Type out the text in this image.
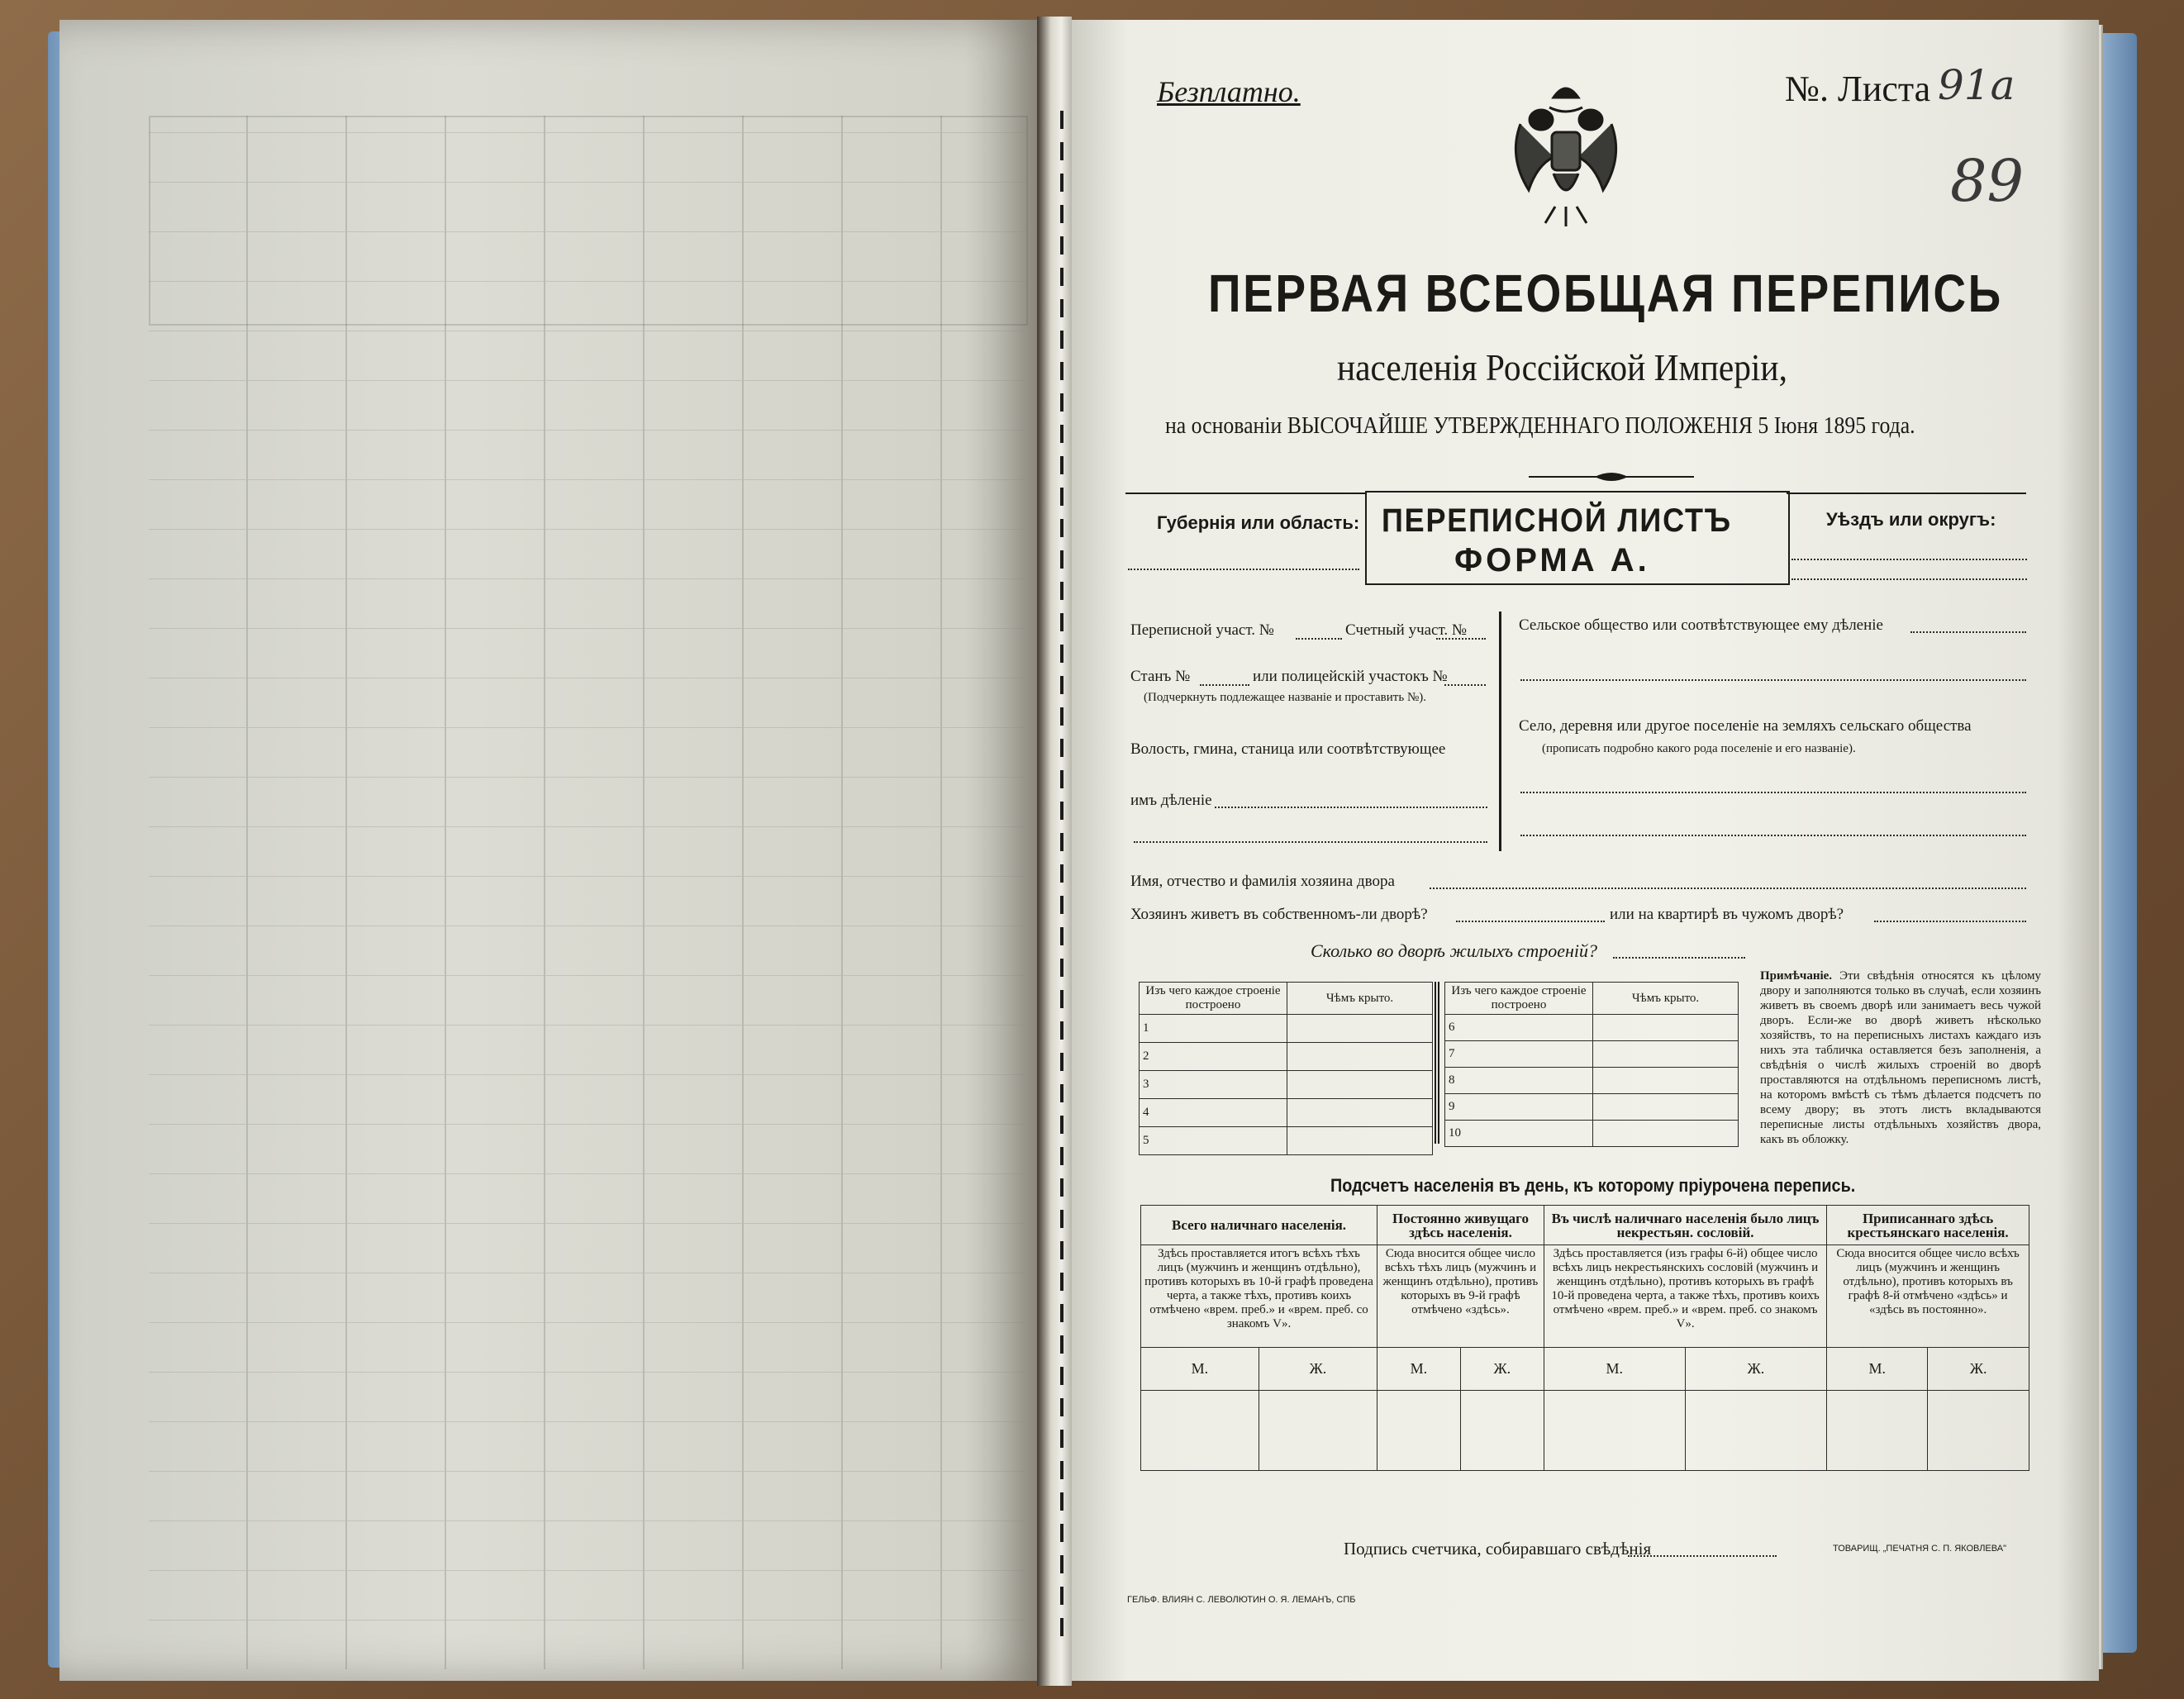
Безплатно.	№. Листа 91а
89
ПЕРВАЯ ВСЕОБЩАЯ ПЕРЕПИСЬ
населенія Россійской Имперіи,
на основаніи ВЫСОЧАЙШЕ УТВЕРЖДЕННАГО ПОЛОЖЕНІЯ 5 Іюня 1895 года.
Губернія или область: ПЕРЕПИСНОЙ ЛИСТЪ
ФОРМА А.
Уѣздъ или округъ:
Переписной участ. №	Счетный участ. №
Станъ №	или полицейскій участокъ №
(Подчеркнуть подлежащее названіе и проставить №).
Волость, гмина, станица или соотвѣтствующее
имъ дѣленіе
Сельское общество или соотвѣтствующее ему дѣленіе
Село, деревня или другое поселеніе на земляхъ сельскаго общества
(прописать подробно какого рода поселеніе и его названіе).
Имя, отчество и фамилія хозяина двора
Хозяинъ живетъ въ собственномъ-ли дворѣ?	или на квартирѣ въ чужомъ дворѣ?
Сколько во дворѣ жилыхъ строеній?
Изъ чего каждое строеніе построено	Чѣмъ крыто.
1	
2	
3	
4	
5	
Изъ чего каждое строеніе построено	Чѣмъ крыто.
6	
7	
8	
9	
10	
Примѣчаніе. Эти свѣдѣнія относятся къ цѣлому двору и заполняются только въ случаѣ, если хозяинъ живетъ въ своемъ дворѣ или занимаетъ весь чужой дворъ. Если-же во дворѣ живетъ нѣсколько хозяйствъ, то на переписныхъ листахъ каждаго изъ нихъ эта табличка оставляется безъ заполненія, а свѣдѣнія о числѣ жилыхъ строеній во дворѣ проставляются на отдѣльномъ переписномъ листѣ, на которомъ вмѣстѣ съ тѣмъ дѣлается подсчетъ по всему двору; въ этотъ листъ вкладываются переписные листы отдѣльныхъ хозяйствъ двора, какъ въ обложку.
Подсчетъ населенія въ день, къ которому пріурочена перепись.
Всего наличнаго населенія.		Постоянно живущаго здѣсь населенія.		Въ числѣ наличнаго населенія было лицъ некрестьян. сословій.		Приписаннаго здѣсь крестьянскаго населенія.	
Здѣсь проставляется итогъ всѣхъ тѣхъ лицъ (мужчинъ и женщинъ отдѣльно), противъ которыхъ въ 10-й графѣ проведена черта, а также тѣхъ, противъ коихъ отмѣчено «врем. преб.» и «врем. преб. со знакомъ V».		Сюда вносится общее число всѣхъ тѣхъ лицъ (мужчинъ и женщинъ отдѣльно), противъ которыхъ въ 9-й графѣ отмѣчено «здѣсь».		Здѣсь проставляется (изъ графы 6-й) общее число всѣхъ лицъ некрестьянскихъ сословій (мужчинъ и женщинъ отдѣльно), противъ которыхъ въ графѣ 10-й проведена черта, а также тѣхъ, противъ коихъ отмѣчено «врем. преб.» и «врем. преб. со знакомъ V».		Сюда вносится общее число всѣхъ лицъ (мужчинъ и женщинъ отдѣльно), противъ которыхъ въ графѣ 8-й отмѣчено «здѣсь» и «здѣсь въ постоянно».	
М.	Ж.	М.	Ж.	М.	Ж.	М.	Ж.

Подпись счетчика, собиравшаго свѣдѣнія	ТОВАРИЩ. „ПЕЧАТНЯ С. П. ЯКОВЛЕВА"
ГЕЛЬФ. ВЛИЯН С. ЛЕВОЛЮТИН О. Я. ЛЕМАНЪ, СПБ
